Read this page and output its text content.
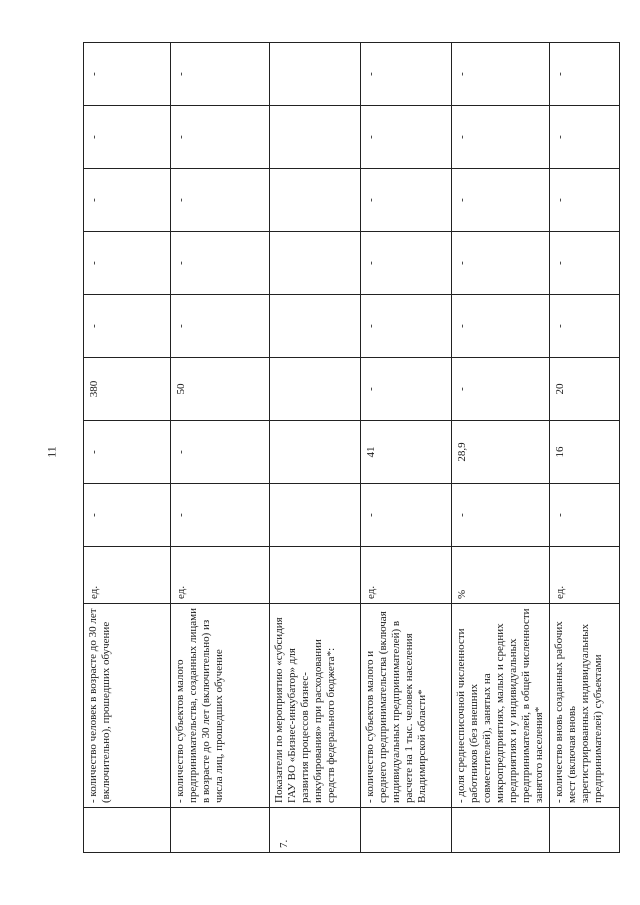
11
	- количество человек в возрасте до 30 лет (включительно), прошедших обучение	ед.	-	-	380	-	-	-	-	-
	- количество субъектов малого предпринимательства, созданных лицами в возрасте до 30 лет (включительно) из числа лиц, прошедших обучение	ед.	-	-	50	-	-	-	-	-
7.	Показатели по мероприятию «субсидия ГАУ ВО «Бизнес-инкубатор» для развития процессов бизнес-инкубирования» при расходовании средств федерального бюджета*:									
	- количество субъектов малого и среднего предпринимательства (включая индивидуальных предпринимателей) в расчете на 1 тыс. человек населения Владимирской области*	ед.	-	41	-	-	-	-	-	-
	- доля среднесписочной численности работников (без внешних совместителей), занятых на микропредприятиях, малых и средних предприятиях и у индивидуальных предпринимателей, в общей численности занятого населения*	%	-	28,9	-	-	-	-	-	-
	- количество вновь созданных рабочих мест (включая вновь зарегистрированных индивидуальных предпринимателей) субъектами	ед.	-	16	20	-	-	-	-	-
